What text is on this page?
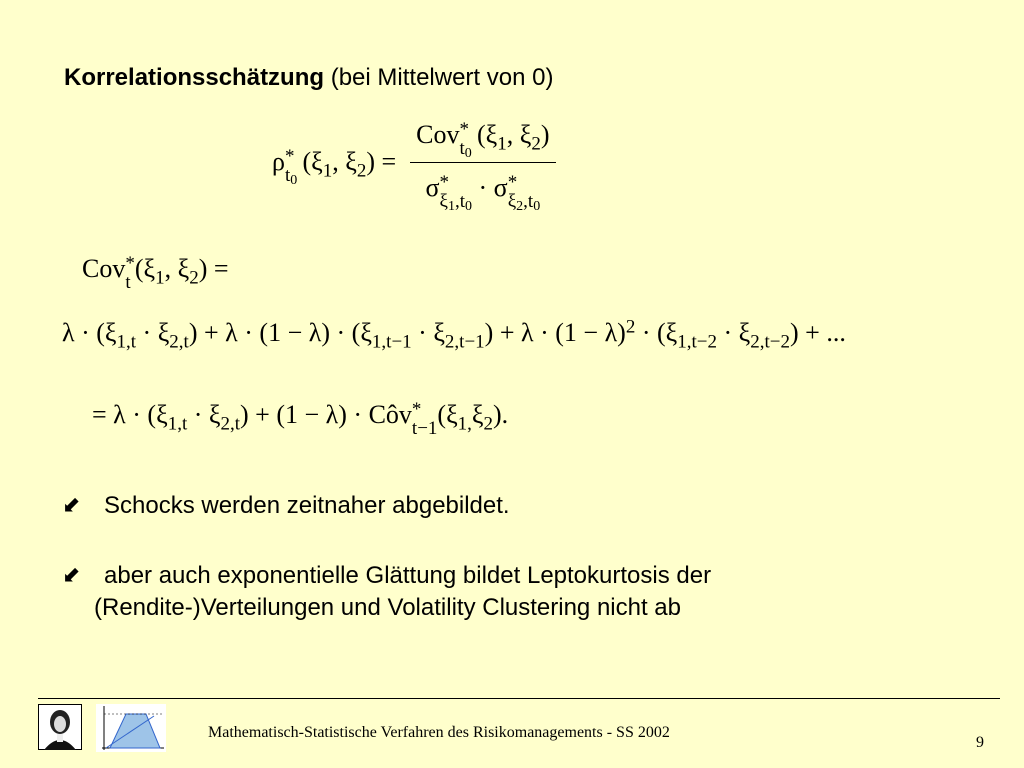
Korrelationsschätzung (bei Mittelwert von 0)
ρ *
$t_0$
 ($\xi_1$, $\xi_2$) = Cov *
$t_0$
 ($\xi_1$, $\xi_2$)
σ *
$\xi_1,t_0$
· σ *
$\xi_2,t_0$
Cov *
t ($\xi_1$, $\xi_2$) =
$\lambda \cdot (\xi_{1,t} \cdot \xi_{2,t}) + \lambda \cdot (1 - \lambda) \cdot (\xi_{1,t-1} \cdot \xi_{2,t-1}) + \lambda \cdot (1 - \lambda)^2 \cdot (\xi_{1,t-2} \cdot \xi_{2,t-2})$ + ...
= $\lambda \cdot (\xi_{1,t} \cdot \xi_{2,t}) + (1 - \lambda)$ · Côv *
t−1 $(\xi_{1,}\xi_2)$.
⬋ Schocks werden zeitnaher abgebildet.
⬋ aber auch exponentielle Glättung bildet Leptokurtosis der
(Rendite-)Verteilungen und Volatility Clustering nicht ab
Mathematisch-Statistische Verfahren des Risikomanagements - SS 2002
9
